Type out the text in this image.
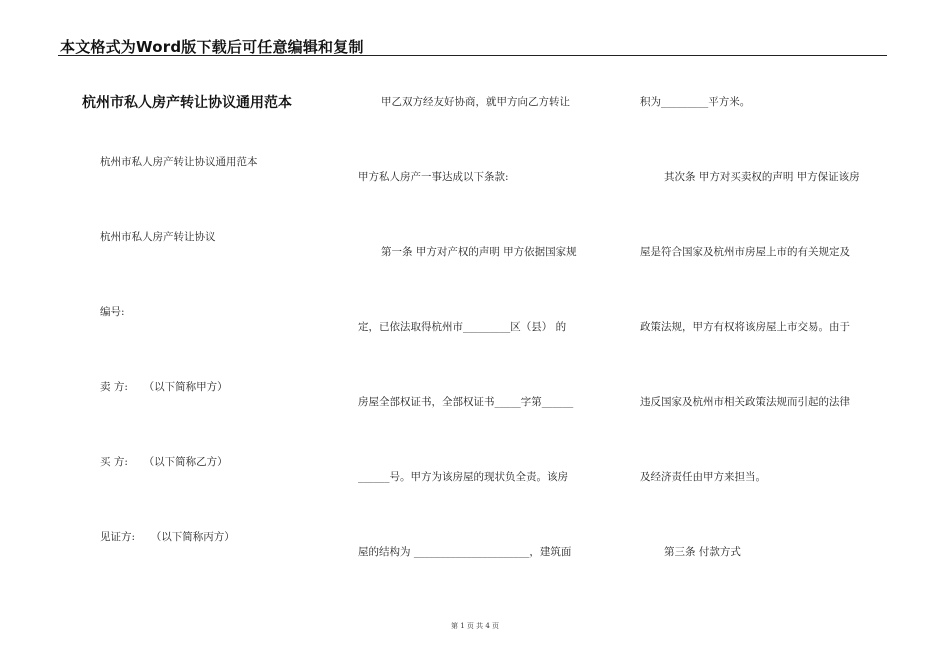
本文格式为Word版下载后可任意编辑和复制
杭州市私人房产转让协议通用范本
杭州市私人房产转让协议通用范本
杭州市私人房产转让协议
编号:
卖 方:　　（以下简称甲方）
买 方:　　（以下简称乙方）
见证方:　　（以下简称丙方）
甲乙双方经友好协商，就甲方向乙方转让
甲方私人房产一事达成以下条款:
第一条 甲方对产权的声明 甲方依据国家规
定，已依法取得杭州市_________区（县） 的
房屋全部权证书，全部权证书_____字第______
______号。甲方为该房屋的现状负全责。该房
屋的结构为 ______________________，建筑面
积为_________平方米。
其次条 甲方对买卖权的声明 甲方保证该房
屋是符合国家及杭州市房屋上市的有关规定及
政策法规，甲方有权将该房屋上市交易。由于
违反国家及杭州市相关政策法规而引起的法律
及经济责任由甲方来担当。
第三条 付款方式
第 1 页 共 4 页
